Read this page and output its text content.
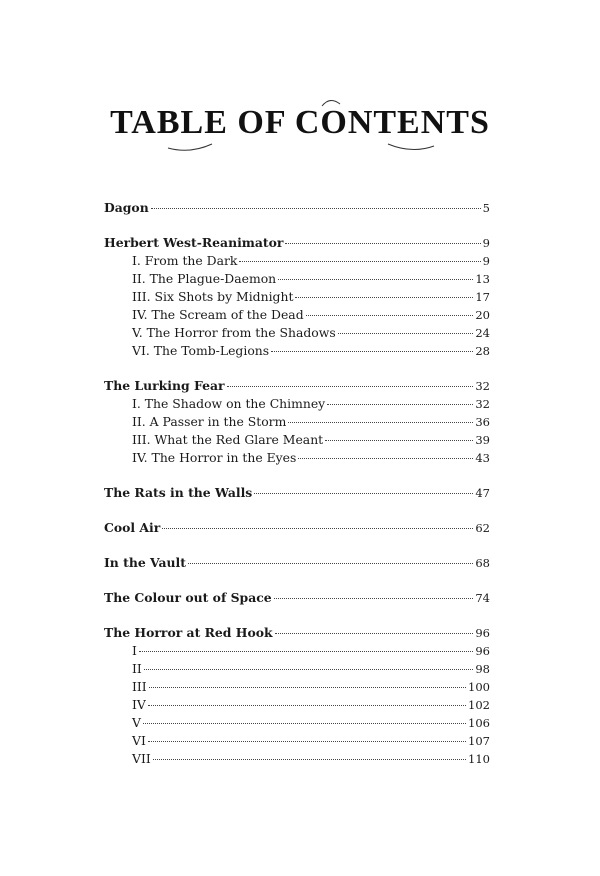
TABLE OF CONTENTS
Dagon	5
Herbert West-Reanimator	9
I. From the Dark	9
II. The Plague-Daemon	13
III. Six Shots by Midnight	17
IV. The Scream of the Dead	20
V. The Horror from the Shadows	24
VI. The Tomb-Legions	28
The Lurking Fear	32
I. The Shadow on the Chimney	32
II. A Passer in the Storm	36
III. What the Red Glare Meant	39
IV. The Horror in the Eyes	43
The Rats in the Walls	47
Cool Air	62
In the Vault	68
The Colour out of Space	74
The Horror at Red Hook	96
I	96
II	98
III	100
IV	102
V	106
VI	107
VII	110
